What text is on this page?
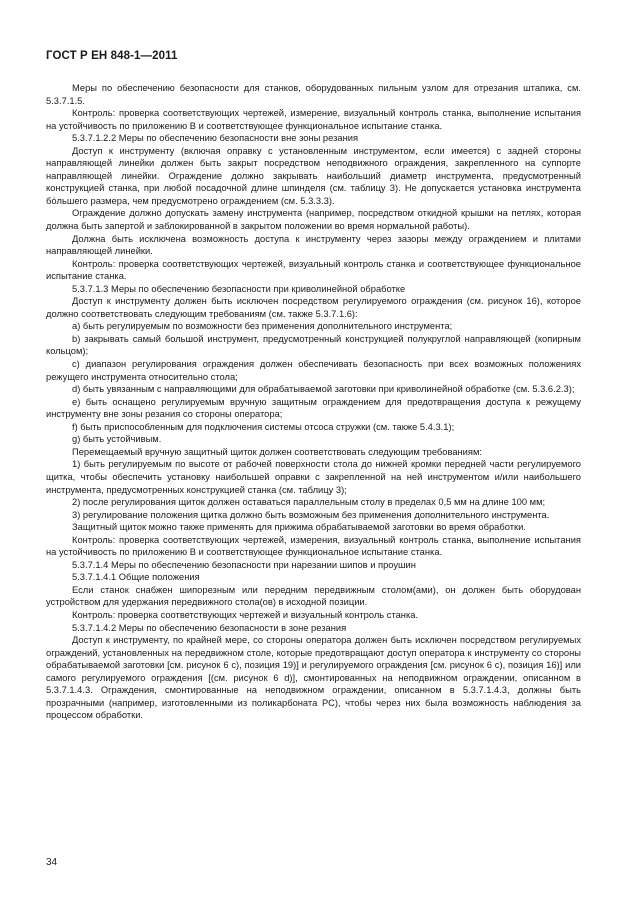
ГОСТ Р ЕН 848-1—2011

Меры по обеспечению безопасности для станков, оборудованных пильным узлом для отрезания штапика, см. 5.3.7.1.5.

Контроль: проверка соответствующих чертежей, измерение, визуальный контроль станка, выполнение испытания на устойчивость по приложению В и соответствующее функциональное испытание станка.

5.3.7.1.2.2 Меры по обеспечению безопасности вне зоны резания

Доступ к инструменту (включая оправку с установленным инструментом, если имеется) с задней стороны направляющей линейки должен быть закрыт посредством неподвижного ограждения, закрепленного на суппорте направляющей линейки. Ограждение должно закрывать наибольший диаметр инструмента, предусмотренный конструкцией станка, при любой посадочной длине шпинделя (см. таблицу 3). Не допускается установка инструмента бóльшего размера, чем предусмотрено ограждением (см. 5.3.3.3).

Ограждение должно допускать замену инструмента (например, посредством откидной крышки на петлях, которая должна быть запертой и заблокированной в закрытом положении во время нормальной работы).

Должна быть исключена возможность доступа к инструменту через зазоры между ограждением и плитами направляющей линейки.

Контроль: проверка соответствующих чертежей, визуальный контроль станка и соответствующее функциональное испытание станка.

5.3.7.1.3 Меры по обеспечению безопасности при криволинейной обработке

Доступ к инструменту должен быть исключен посредством регулируемого ограждения (см. рисунок 16), которое должно соответствовать следующим требованиям (см. также 5.3.7.1.6):

а) быть регулируемым по возможности без применения дополнительного инструмента;

b) закрывать самый большой инструмент, предусмотренный конструкцией полукруглой направляющей (копирным кольцом);

с) диапазон регулирования ограждения должен обеспечивать безопасность при всех возможных положениях режущего инструмента относительно стола;

d) быть увязанным с направляющими для обрабатываемой заготовки при криволинейной обработке (см. 5.3.6.2.3);

е) быть оснащено регулируемым вручную защитным ограждением для предотвращения доступа к режущему инструменту вне зоны резания со стороны оператора;

f) быть приспособленным для подключения системы отсоса стружки (см. также 5.4.3.1);

g) быть устойчивым.

Перемещаемый вручную защитный щиток должен соответствовать следующим требованиям:

1) быть регулируемым по высоте от рабочей поверхности стола до нижней кромки передней части регулируемого щитка, чтобы обеспечить установку наибольшей оправки с закрепленной на ней инструментом и/или наибольшего инструмента, предусмотренных конструкцией станка (см. таблицу 3);

2) после регулирования щиток должен оставаться параллельным столу в пределах 0,5 мм на длине 100 мм;

3) регулирование положения щитка должно быть возможным без применения дополнительного инструмента.

Защитный щиток можно также применять для прижима обрабатываемой заготовки во время обработки.

Контроль: проверка соответствующих чертежей, измерения, визуальный контроль станка, выполнение испытания на устойчивость по приложению В и соответствующее функциональное испытание станка.

5.3.7.1.4 Меры по обеспечению безопасности при нарезании шипов и проушин

5.3.7.1.4.1 Общие положения

Если станок снабжен шипорезным или передним передвижным столом(ами), он должен быть оборудован устройством для удержания передвижного стола(ов) в исходной позиции.

Контроль: проверка соответствующих чертежей и визуальный контроль станка.

5.3.7.1.4.2 Меры по обеспечению безопасности в зоне резания

Доступ к инструменту, по крайней мере, со стороны оператора должен быть исключен посредством регулируемых ограждений, установленных на передвижном столе, которые предотвращают доступ оператора к инструменту со стороны обрабатываемой заготовки [см. рисунок 6 с), позиция 19)] и регулируемого ограждения [см. рисунок 6 с), позиция 16)] или самого регулируемого ограждения [(см. рисунок 6 d)], смонтированных на неподвижном ограждении, описанном в 5.3.7.1.4.3. Ограждения, смонтированные на неподвижном ограждении, описанном в 5.3.7.1.4.3, должны быть прозрачными (например, изготовленными из поликарбоната РС), чтобы через них была возможность наблюдения за процессом обработки.

34
